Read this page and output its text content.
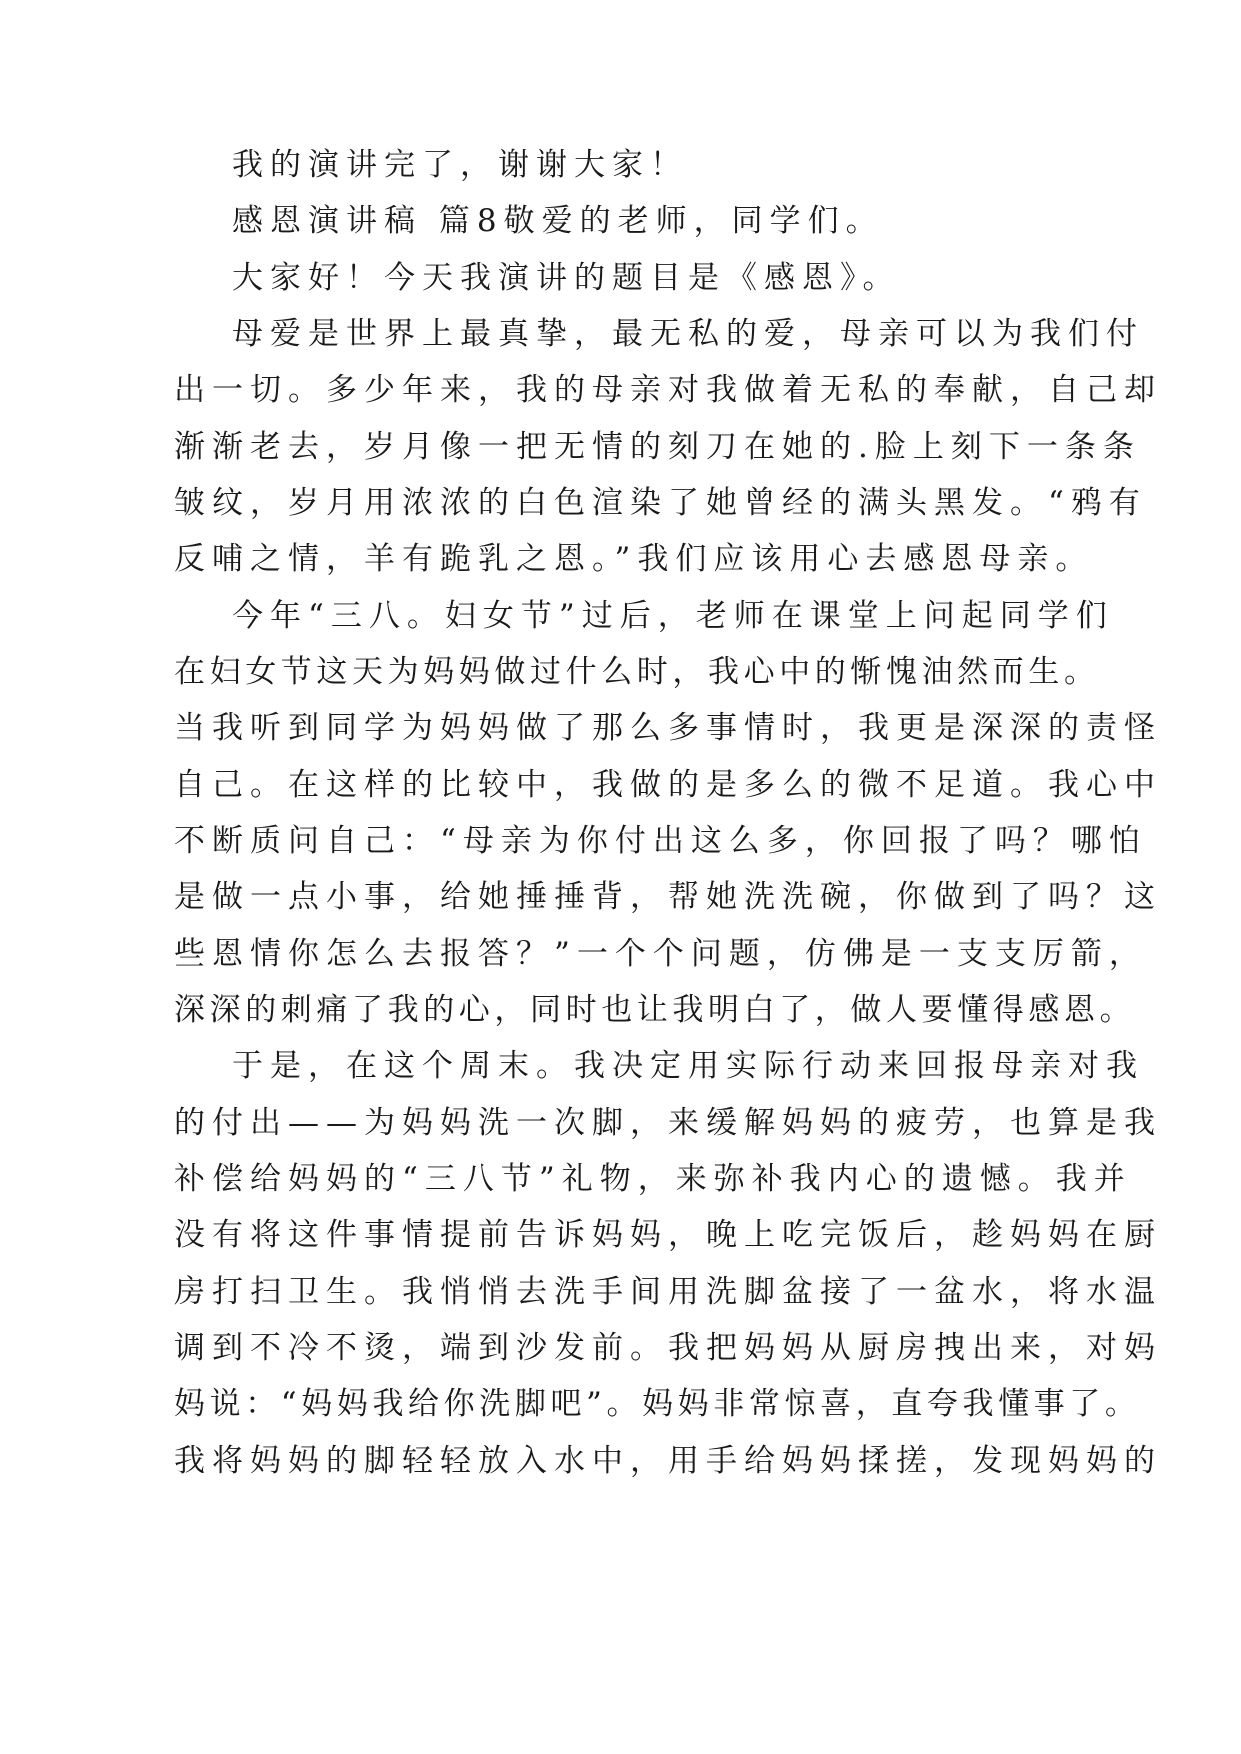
我的演讲完了，谢谢大家！
感恩演讲稿 篇8敬爱的老师，同学们。
大家好！今天我演讲的题目是《感恩》。
母爱是世界上最真挚，最无私的爱，母亲可以为我们付
出一切。多少年来，我的母亲对我做着无私的奉献，自己却
渐渐老去，岁月像一把无情的刻刀在她的.脸上刻下一条条
皱纹，岁月用浓浓的白色渲染了她曾经的满头黑发。“鸦有
反哺之情，羊有跪乳之恩。”我们应该用心去感恩母亲。
今年“三八。妇女节”过后，老师在课堂上问起同学们
在妇女节这天为妈妈做过什么时，我心中的惭愧油然而生。
当我听到同学为妈妈做了那么多事情时，我更是深深的责怪
自己。在这样的比较中，我做的是多么的微不足道。我心中
不断质问自己：“母亲为你付出这么多，你回报了吗？哪怕
是做一点小事，给她捶捶背，帮她洗洗碗，你做到了吗？这
些恩情你怎么去报答？”一个个问题，仿佛是一支支厉箭，
深深的刺痛了我的心，同时也让我明白了，做人要懂得感恩。
于是，在这个周末。我决定用实际行动来回报母亲对我
的付出——为妈妈洗一次脚，来缓解妈妈的疲劳，也算是我
补偿给妈妈的“三八节”礼物，来弥补我内心的遗憾。我并
没有将这件事情提前告诉妈妈，晚上吃完饭后，趁妈妈在厨
房打扫卫生。我悄悄去洗手间用洗脚盆接了一盆水，将水温
调到不冷不烫，端到沙发前。我把妈妈从厨房拽出来，对妈
妈说：“妈妈我给你洗脚吧”。妈妈非常惊喜，直夸我懂事了。
我将妈妈的脚轻轻放入水中，用手给妈妈揉搓，发现妈妈的
